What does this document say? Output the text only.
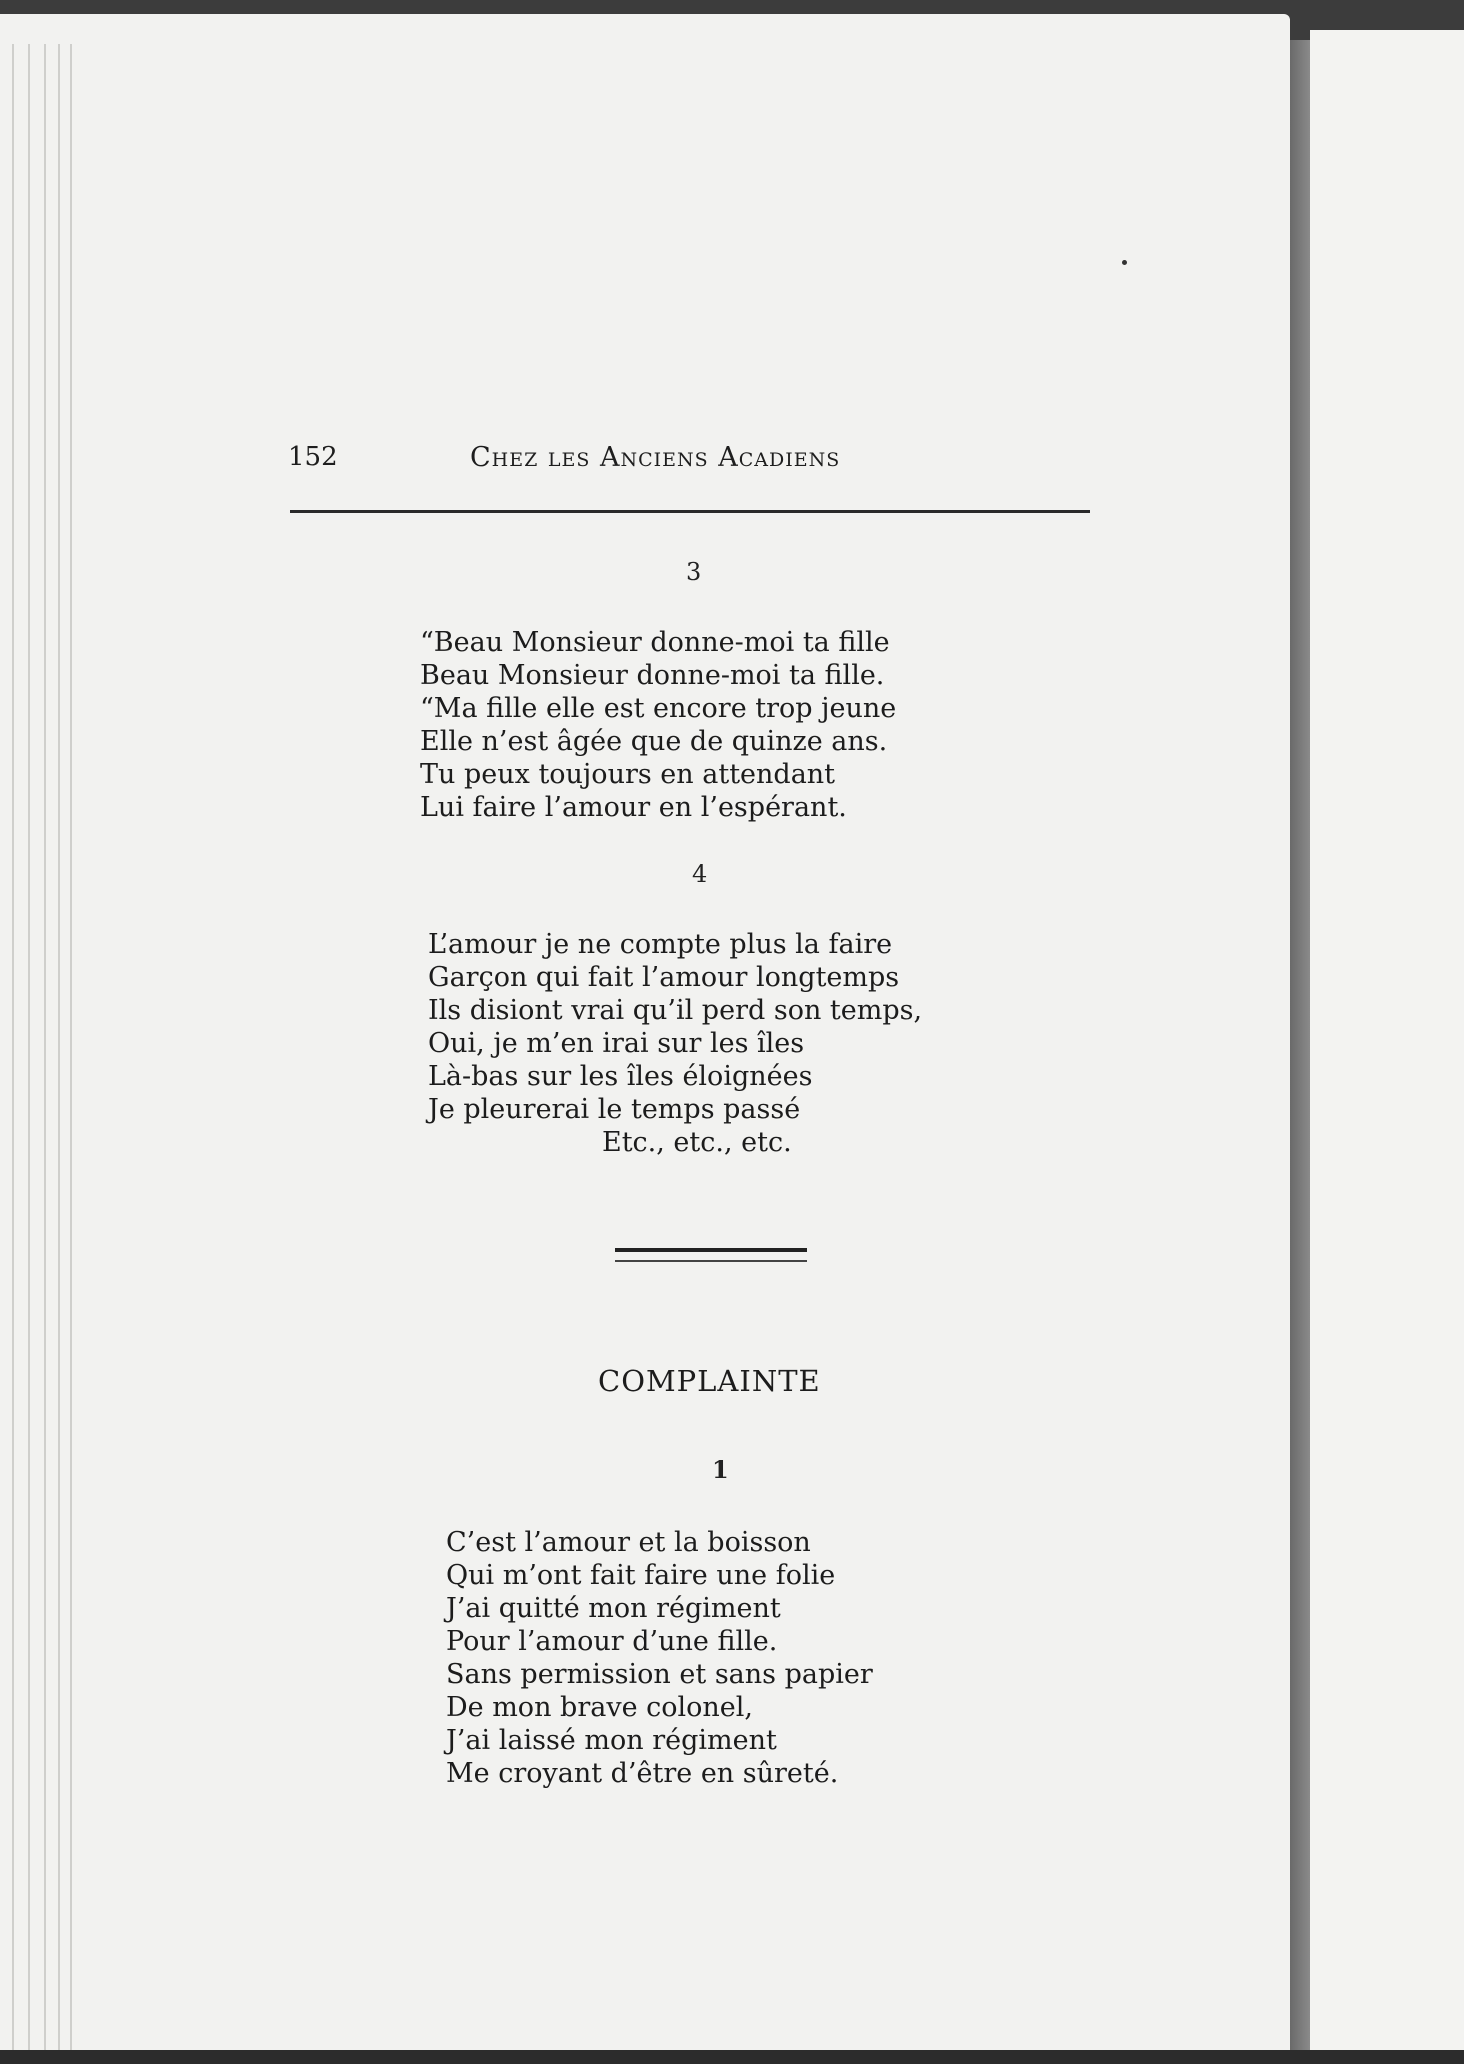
152	Chez les Anciens Acadiens
3
“Beau Monsieur donne-moi ta fille
Beau Monsieur donne-moi ta fille.
“Ma fille elle est encore trop jeune
Elle n’est âgée que de quinze ans.
Tu peux toujours en attendant
Lui faire l’amour en l’espérant.
4
L’amour je ne compte plus la faire
Garçon qui fait l’amour longtemps
Ils disiont vrai qu’il perd son temps,
Oui, je m’en irai sur les îles
Là-bas sur les îles éloignées
Je pleurerai le temps passé
Etc., etc., etc.
COMPLAINTE
1
C’est l’amour et la boisson
Qui m’ont fait faire une folie
J’ai quitté mon régiment
Pour l’amour d’une fille.
Sans permission et sans papier
De mon brave colonel,
J’ai laissé mon régiment
Me croyant d’être en sûreté.
